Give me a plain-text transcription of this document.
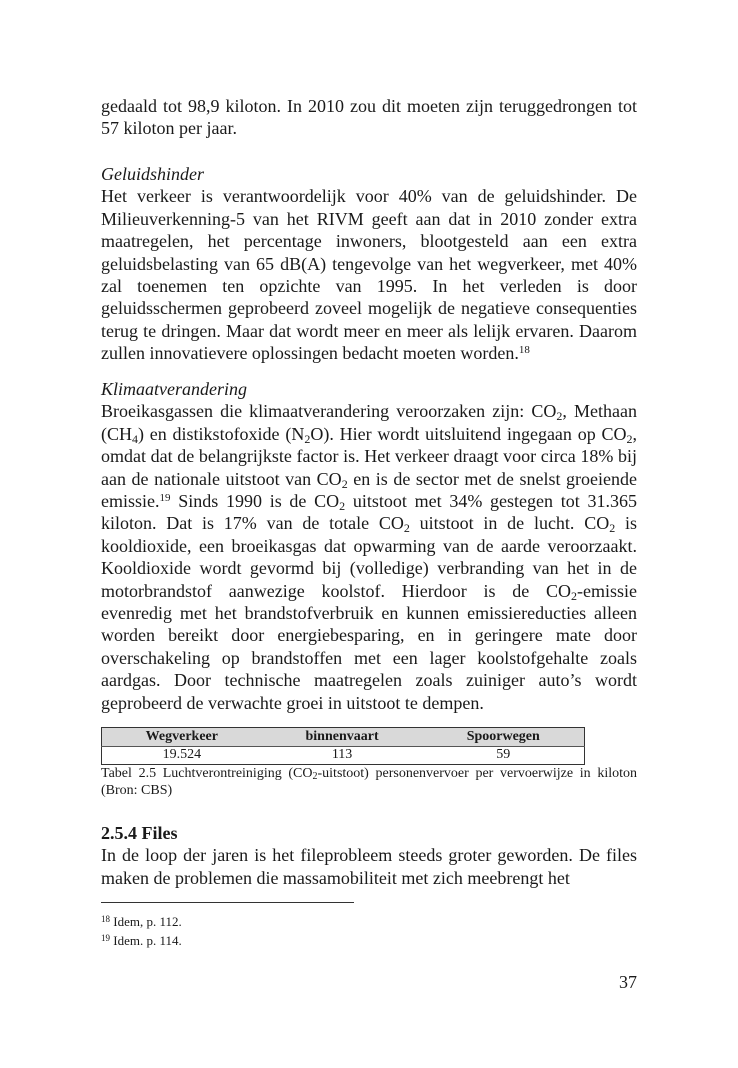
gedaald tot 98,9 kiloton. In 2010 zou dit moeten zijn teruggedrongen tot 57 kiloton per jaar.

Geluidshinder

Het verkeer is verantwoordelijk voor 40% van de geluidshinder. De Milieuverkenning-5 van het RIVM geeft aan dat in 2010 zonder extra maatregelen, het percentage inwoners, blootgesteld aan een extra geluidsbelasting van 65 dB(A) tengevolge van het wegverkeer, met 40% zal toenemen ten opzichte van 1995. In het verleden is door geluidsschermen geprobeerd zoveel mogelijk de negatieve consequenties terug te dringen. Maar dat wordt meer en meer als lelijk ervaren. Daarom zullen innovatievere oplossingen bedacht moeten worden.$^{18}$

Klimaatverandering

Broeikasgassen die klimaatverandering veroorzaken zijn: $CO_2$, Methaan $(CH_4)$ en distikstofoxide $(N_2O)$. Hier wordt uitsluitend ingegaan op $CO_2$, omdat dat de belangrijkste factor is. Het verkeer draagt voor circa 18% bij aan de nationale uitstoot van $CO_2$ en is de sector met de snelst groeiende emissie.$^{19}$ Sinds 1990 is de $CO_2$ uitstoot met 34% gestegen tot 31.365 kiloton. Dat is 17% van de totale $CO_2$ uitstoot in de lucht. $CO_2$ is kooldioxide, een broeikasgas dat opwarming van de aarde veroorzaakt. Kooldioxide wordt gevormd bij (volledige) verbranding van het in de motorbrandstof aanwezige koolstof. Hierdoor is de $CO_2$-emissie evenredig met het brandstofverbruik en kunnen emissiereducties alleen worden bereikt door energiebesparing, en in geringere mate door overschakeling op brandstoffen met een lager koolstofgehalte zoals aardgas. Door technische maatregelen zoals zuiniger auto’s wordt geprobeerd de verwachte groei in uitstoot te dempen.

Wegverkeer	binnenvaart	Spoorwegen
19.524	113	59

Tabel 2.5 Luchtverontreiniging $(CO_2-uitstoot)$ personenvervoer per vervoerwijze in kiloton (Bron: CBS)

2.5.4 Files

In de loop der jaren is het fileprobleem steeds groter geworden. De files maken de problemen die massamobiliteit met zich meebrengt het

$^{18}$ Idem, p. 112.

$^{19}$ Idem. p. 114.

37
